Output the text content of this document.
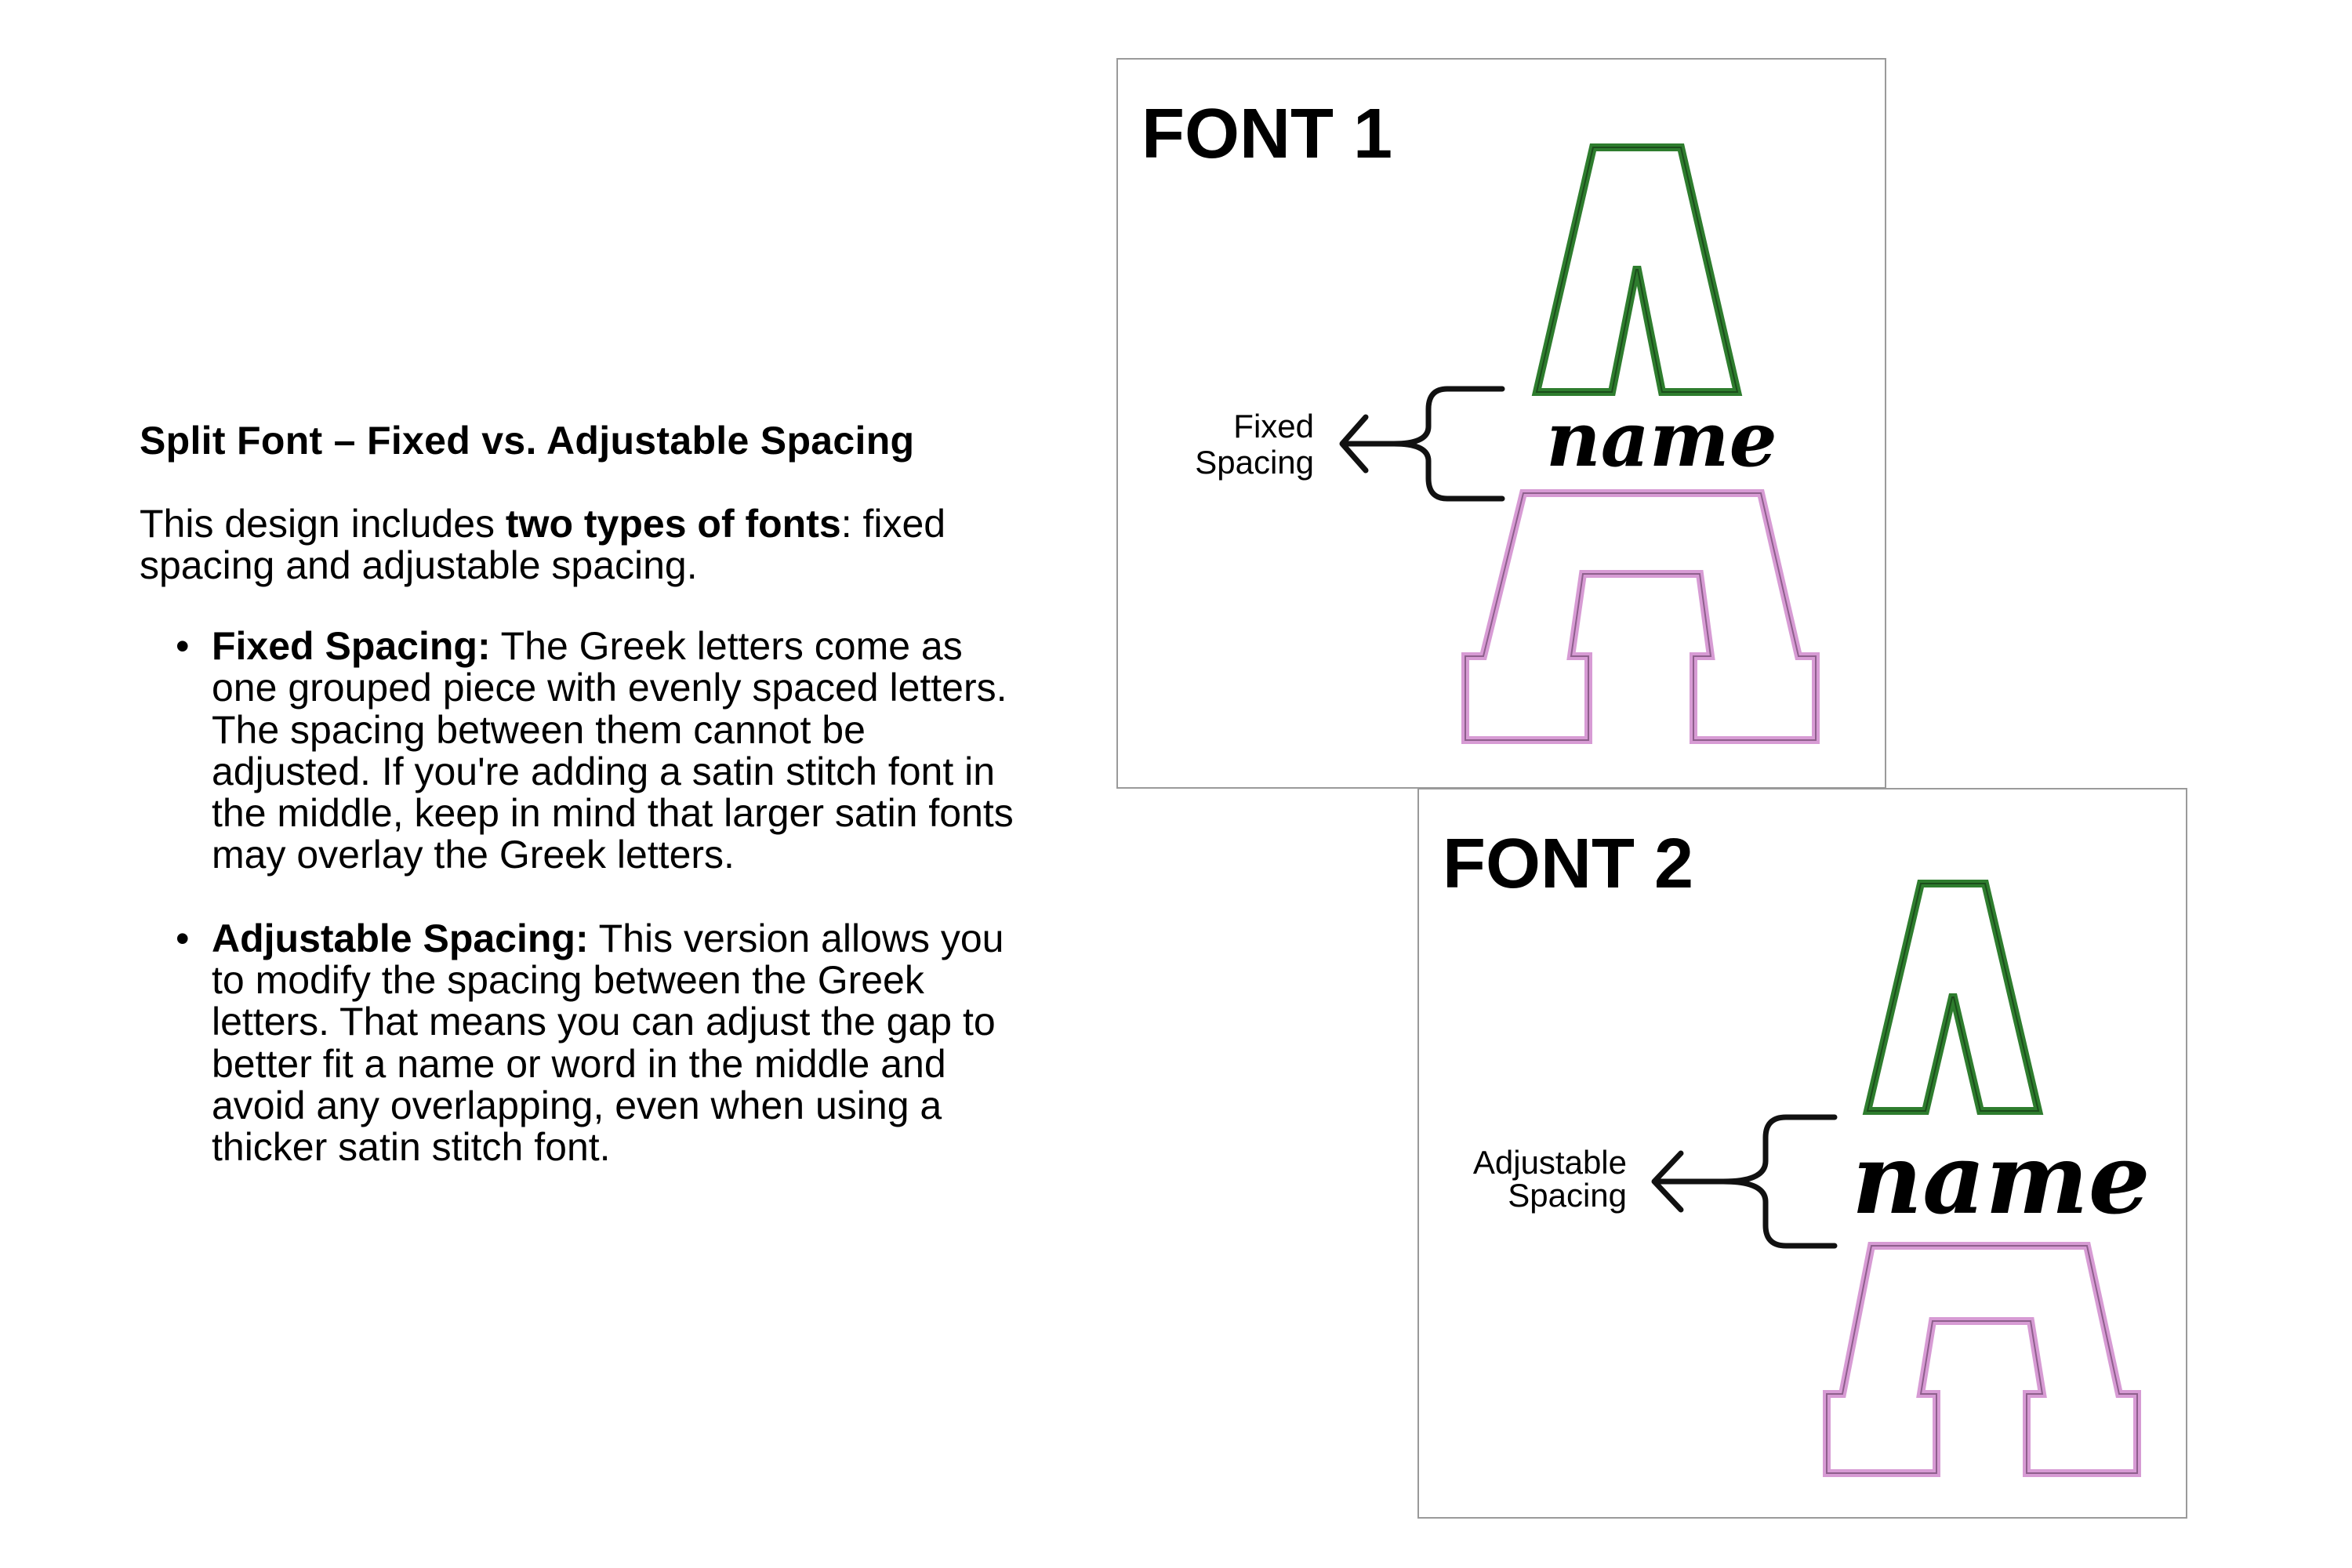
Split Font – Fixed vs. Adjustable Spacing
This design includes two types of fonts: fixed spacing and adjustable spacing.
• Fixed Spacing: The Greek letters come as one grouped piece with evenly spaced letters. The spacing between them cannot be adjusted. If you're adding a satin stitch font in the middle, keep in mind that larger satin fonts may overlay the Greek letters.
• Adjustable Spacing: This version allows you to modify the spacing between the Greek letters. That means you can adjust the gap to better fit a name or word in the middle and avoid any overlapping, even when using a thicker satin stitch font.
FONT 1
name
Fixed
Spacing
FONT 2
name
Adjustable
Spacing
